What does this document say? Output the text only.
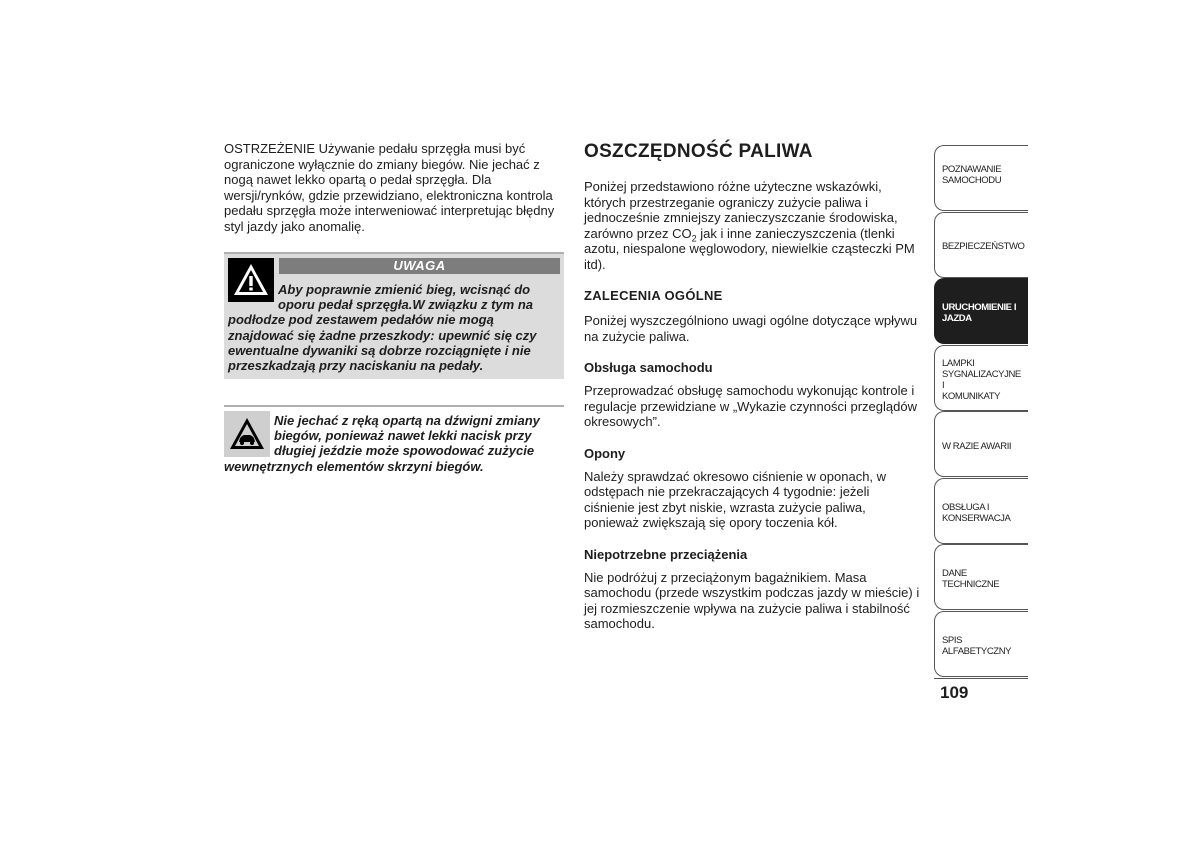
OSTRZEŻENIE Używanie pedału sprzęgła musi być ograniczone wyłącznie do zmiany biegów. Nie jechać z nogą nawet lekko opartą o pedał sprzęgła. Dla wersji/rynków, gdzie przewidziano, elektroniczna kontrola pedału sprzęgła może interweniować interpretując błędny styl jazdy jako anomalię.

UWAGA
Aby poprawnie zmienić bieg, wcisnąć do
oporu pedał sprzęgła.W związku z tym na
podłodze pod zestawem pedałów nie mogą znajdować się żadne przeszkody: upewnić się czy ewentualne dywaniki są dobrze rozciągnięte i nie przeszkadzają przy naciskaniu na pedały.
Nie jechać z ręką opartą na dźwigni zmiany
biegów, ponieważ nawet lekki nacisk przy
długiej jeździe może spowodować zużycie
wewnętrznych elementów skrzyni biegów.
OSZCZĘDNOŚĆ PALIWA

Poniżej przedstawiono różne użyteczne wskazówki, których przestrzeganie ograniczy zużycie paliwa i jednocześnie zmniejszy zanieczyszczanie środowiska, zarówno przez $CO_2$ jak i inne zanieczyszczenia (tlenki azotu, niespalone węglowodory, niewielkie cząsteczki PM itd).

ZALECENIA OGÓLNE

Poniżej wyszczególniono uwagi ogólne dotyczące wpływu na zużycie paliwa.

Obsługa samochodu

Przeprowadzać obsługę samochodu wykonując kontrole i regulacje przewidziane w „Wykazie czynności przeglądów okresowych”.

Opony

Należy sprawdzać okresowo ciśnienie w oponach, w odstępach nie przekraczających 4 tygodnie: jeżeli ciśnienie jest zbyt niskie, wzrasta zużycie paliwa, ponieważ zwiększają się opory toczenia kół.

Niepotrzebne przeciążenia

Nie podróżuj z przeciążonym bagażnikiem. Masa samochodu (przede wszystkim podczas jazdy w mieście) i jej rozmieszczenie wpływa na zużycie paliwa i stabilność samochodu.

POZNAWANIE
SAMOCHODU
BEZPIECZEŃSTWO
URUCHOMIENIE I
JAZDA
LAMPKI
SYGNALIZACYJNE I
KOMUNIKATY
W RAZIE AWARII
OBSŁUGA I
KONSERWACJA
DANE TECHNICZNE
SPIS ALFABETYCZNY
109
